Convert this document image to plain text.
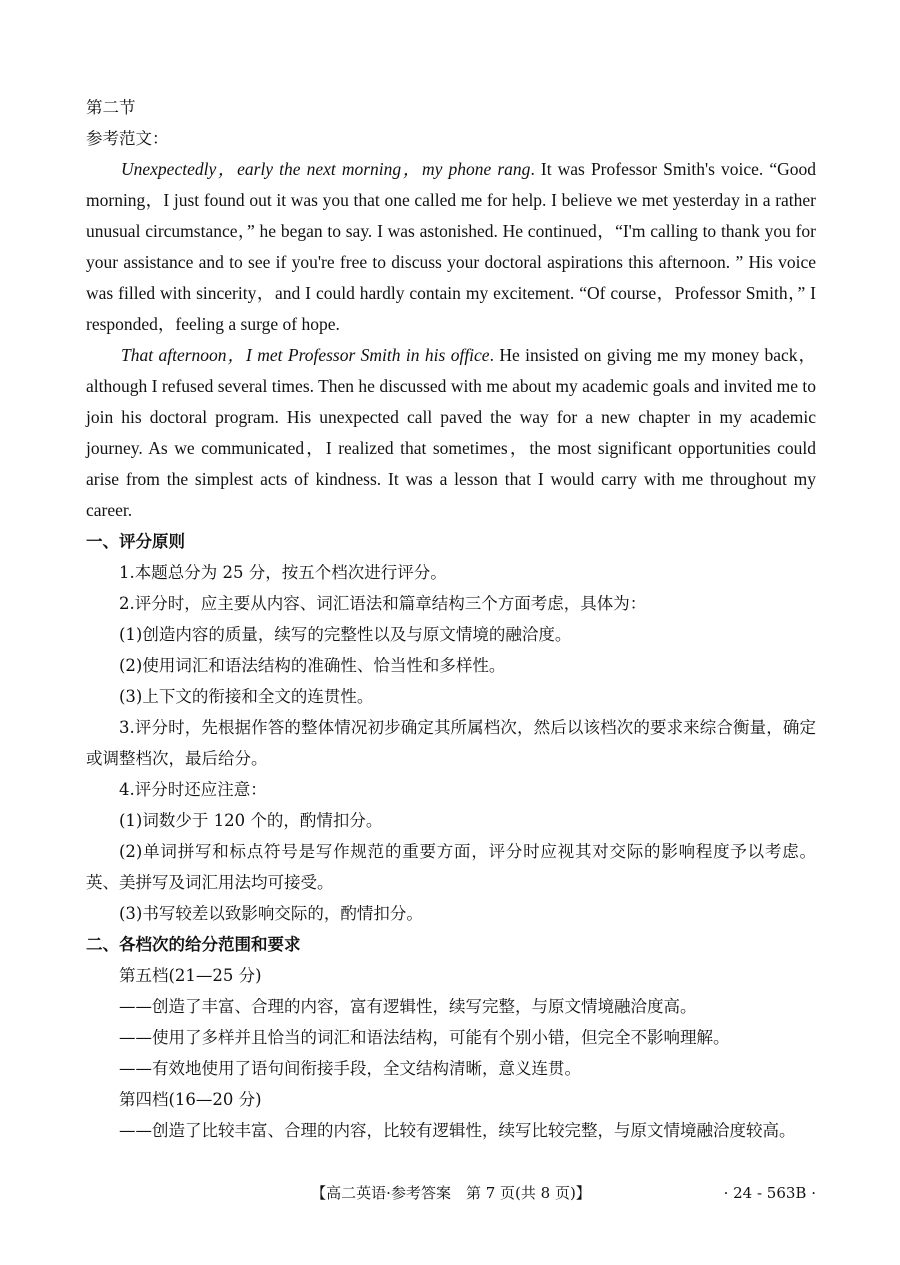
第二节
参考范文：

Unexpectedly，early the next morning，my phone rang. It was Professor Smith's voice. “Good morning，I just found out it was you that one called me for help. I believe we met yesterday in a rather unusual circumstance，” he began to say. I was astonished. He continued，“I'm calling to thank you for your assistance and to see if you're free to discuss your doctoral aspirations this afternoon. ” His voice was filled with sincerity，and I could hardly contain my excitement. “Of course，Professor Smith，” I responded，feeling a surge of hope.

That afternoon，I met Professor Smith in his office. He insisted on giving me my money back，although I refused several times. Then he discussed with me about my academic goals and invited me to join his doctoral program. His unexpected call paved the way for a new chapter in my academic journey. As we communicated，I realized that sometimes，the most significant opportunities could arise from the simplest acts of kindness. It was a lesson that I would carry with me throughout my career.

一、评分原则
1.本题总分为 25 分，按五个档次进行评分。
2.评分时，应主要从内容、词汇语法和篇章结构三个方面考虑，具体为：
(1)创造内容的质量，续写的完整性以及与原文情境的融洽度。
(2)使用词汇和语法结构的准确性、恰当性和多样性。
(3)上下文的衔接和全文的连贯性。
3.评分时，先根据作答的整体情况初步确定其所属档次，然后以该档次的要求来综合衡量，确定或调整档次，最后给分。
4.评分时还应注意：
(1)词数少于 120 个的，酌情扣分。
(2)单词拼写和标点符号是写作规范的重要方面，评分时应视其对交际的影响程度予以考虑。英、美拼写及词汇用法均可接受。
(3)书写较差以致影响交际的，酌情扣分。
二、各档次的给分范围和要求
第五档(21—25 分)
——创造了丰富、合理的内容，富有逻辑性，续写完整，与原文情境融洽度高。
——使用了多样并且恰当的词汇和语法结构，可能有个别小错，但完全不影响理解。
——有效地使用了语句间衔接手段，全文结构清晰，意义连贯。
第四档(16—20 分)
——创造了比较丰富、合理的内容，比较有逻辑性，续写比较完整，与原文情境融洽度较高。
【高二英语·参考答案　第 7 页(共 8 页)】	· 24 - 563B ·
